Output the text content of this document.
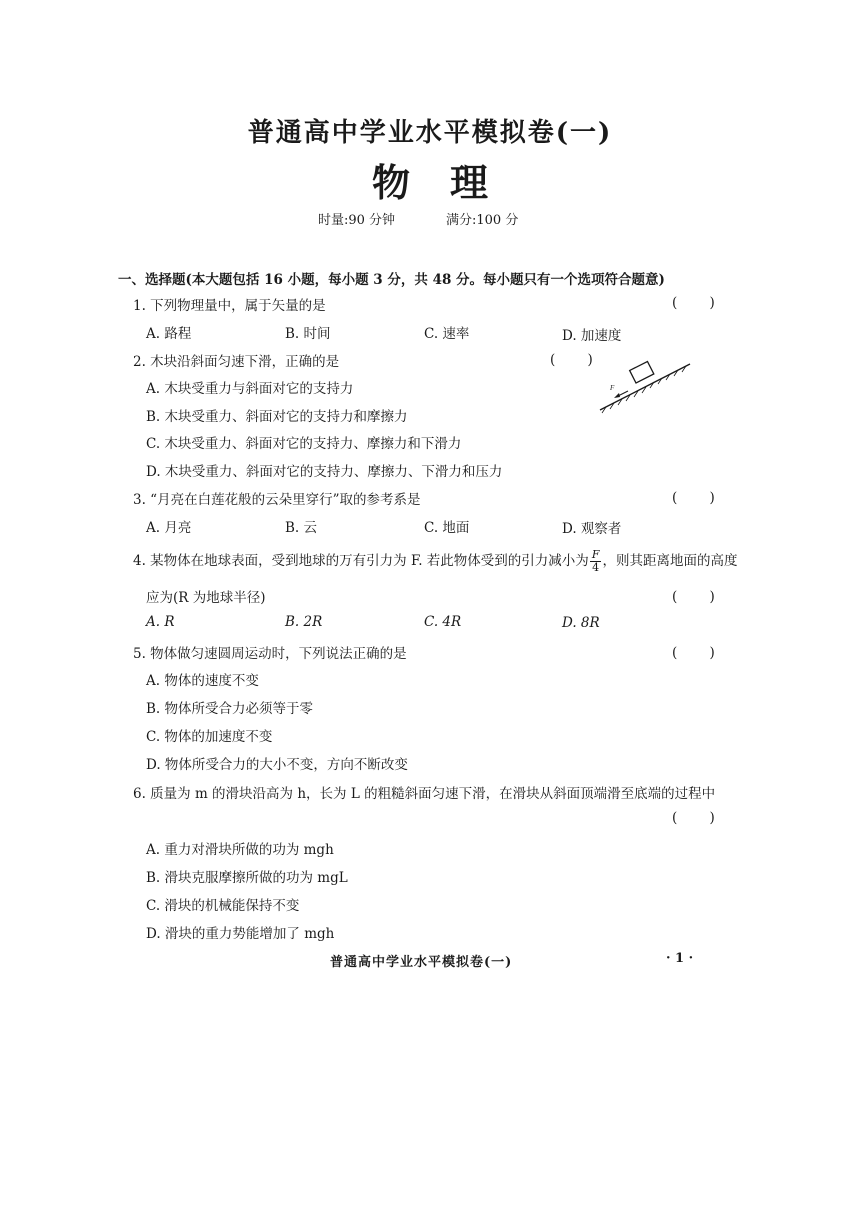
普通高中学业水平模拟卷(一)
物理
时量:90 分钟	满分:100 分
一、选择题(本大题包括 16 小题，每小题 3 分，共 48 分。每小题只有一个选项符合题意)
1. 下列物理量中，属于矢量的是	( )
A. 路程	B. 时间	C. 速率	D. 加速度
2. 木块沿斜面匀速下滑，正确的是	( )
A. 木块受重力与斜面对它的支持力
B. 木块受重力、斜面对它的支持力和摩擦力
C. 木块受重力、斜面对它的支持力、摩擦力和下滑力
D. 木块受重力、斜面对它的支持力、摩擦力、下滑力和压力
F
3. “月亮在白莲花般的云朵里穿行”取的参考系是	( )
A. 月亮	B. 云	C. 地面	D. 观察者
4. 某物体在地球表面，受到地球的万有引力为 F. 若此物体受到的引力减小为 $\frac{F}{4}$ ，则其距离地面的高度
应为(R 为地球半径)	( )
A. R	B. 2R	C. 4R	D. 8R
5. 物体做匀速圆周运动时，下列说法正确的是	( )
A. 物体的速度不变
B. 物体所受合力必须等于零
C. 物体的加速度不变
D. 物体所受合力的大小不变，方向不断改变
6. 质量为 m 的滑块沿高为 h，长为 L 的粗糙斜面匀速下滑，在滑块从斜面顶端滑至底端的过程中
( )
A. 重力对滑块所做的功为 mgh
B. 滑块克服摩擦所做的功为 mgL
C. 滑块的机械能保持不变
D. 滑块的重力势能增加了 mgh
普通高中学业水平模拟卷(一)	· 1 ·
